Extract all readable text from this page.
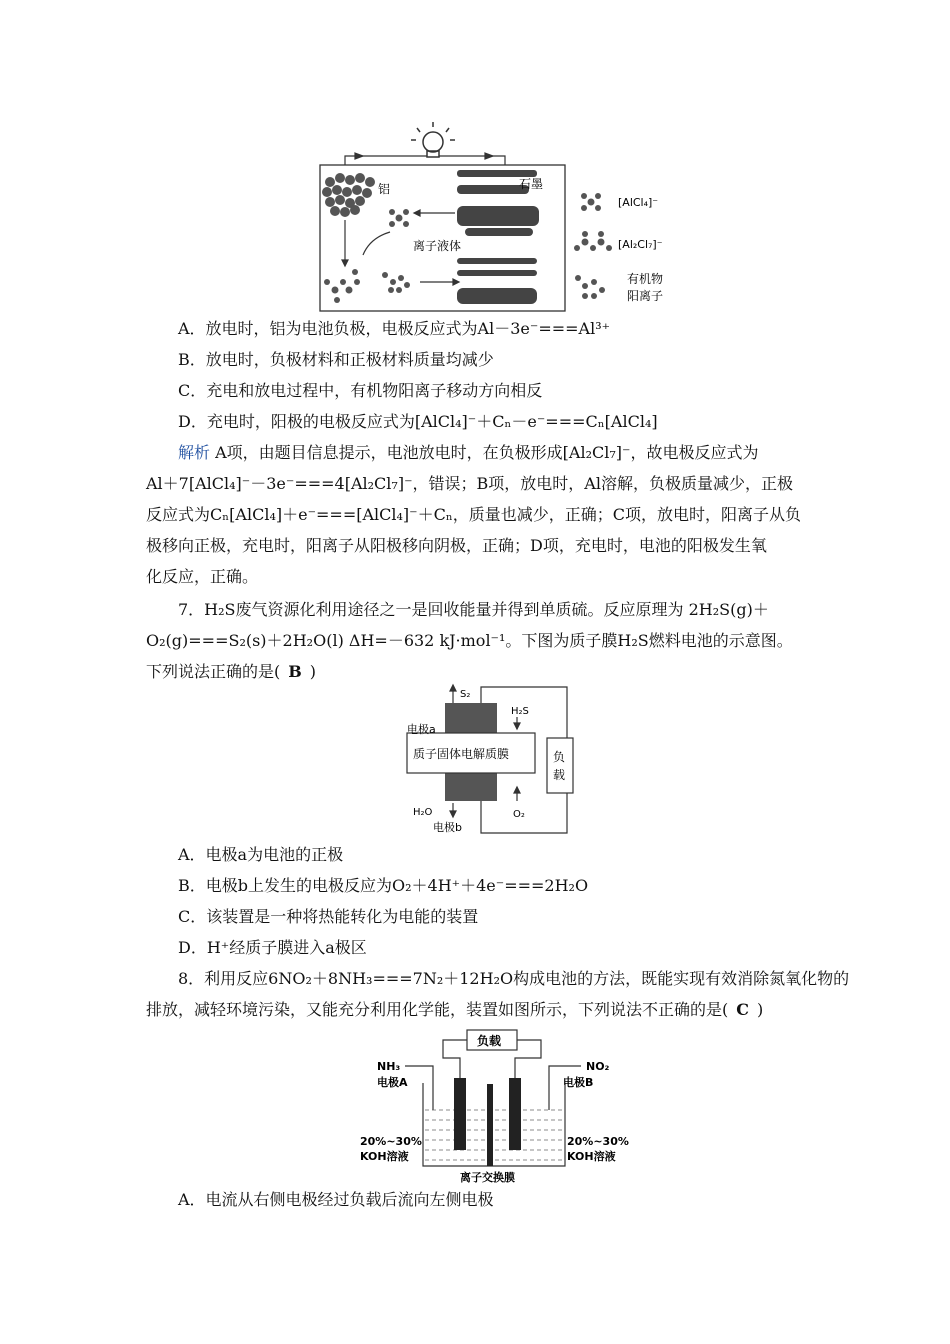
铝	石墨
离子液体
[AlCl₄]⁻
[Al₂Cl₇]⁻
有机物
阳离子
A．放电时，铝为电池负极，电极反应式为Al－3e⁻===Al³⁺
B．放电时，负极材料和正极材料质量均减少
C．充电和放电过程中，有机物阳离子移动方向相反
D．充电时，阳极的电极反应式为[AlCl₄]⁻＋Cₙ－e⁻===Cₙ[AlCl₄]
解析 A项，由题目信息提示，电池放电时，在负极形成[Al₂Cl₇]⁻，故电极反应式为
Al＋7[AlCl₄]⁻－3e⁻===4[Al₂Cl₇]⁻，错误；B项，放电时，Al溶解，负极质量减少，正极
反应式为Cₙ[AlCl₄]＋e⁻===[AlCl₄]⁻＋Cₙ，质量也减少，正确；C项，放电时，阳离子从负
极移向正极，充电时，阳离子从阳极移向阴极，正确；D项，充电时，电池的阳极发生氧
化反应，正确。
7．H₂S废气资源化利用途径之一是回收能量并得到单质硫。反应原理为 2H₂S(g)＋
O₂(g)===S₂(s)＋2H₂O(l) ΔH=－632 kJ·mol⁻¹。下图为质子膜H₂S燃料电池的示意图。
下列说法正确的是( B )
质子固体电解质膜
S₂
H₂S
电极a
负
载
H₂O	O₂
电极b
A．电极a为电池的正极
B．电极b上发生的电极反应为O₂＋4H⁺＋4e⁻===2H₂O
C．该装置是一种将热能转化为电能的装置
D．H⁺经质子膜进入a极区
8．利用反应6NO₂＋8NH₃===7N₂＋12H₂O构成电池的方法，既能实现有效消除氮氧化物的
排放，减轻环境污染，又能充分利用化学能，装置如图所示，下列说法不正确的是( C )
负载
NH₃	NO₂
电极A	电极B
20%~30%
KOH溶液
20%~30%
KOH溶液
离子交换膜
A．电流从右侧电极经过负载后流向左侧电极
